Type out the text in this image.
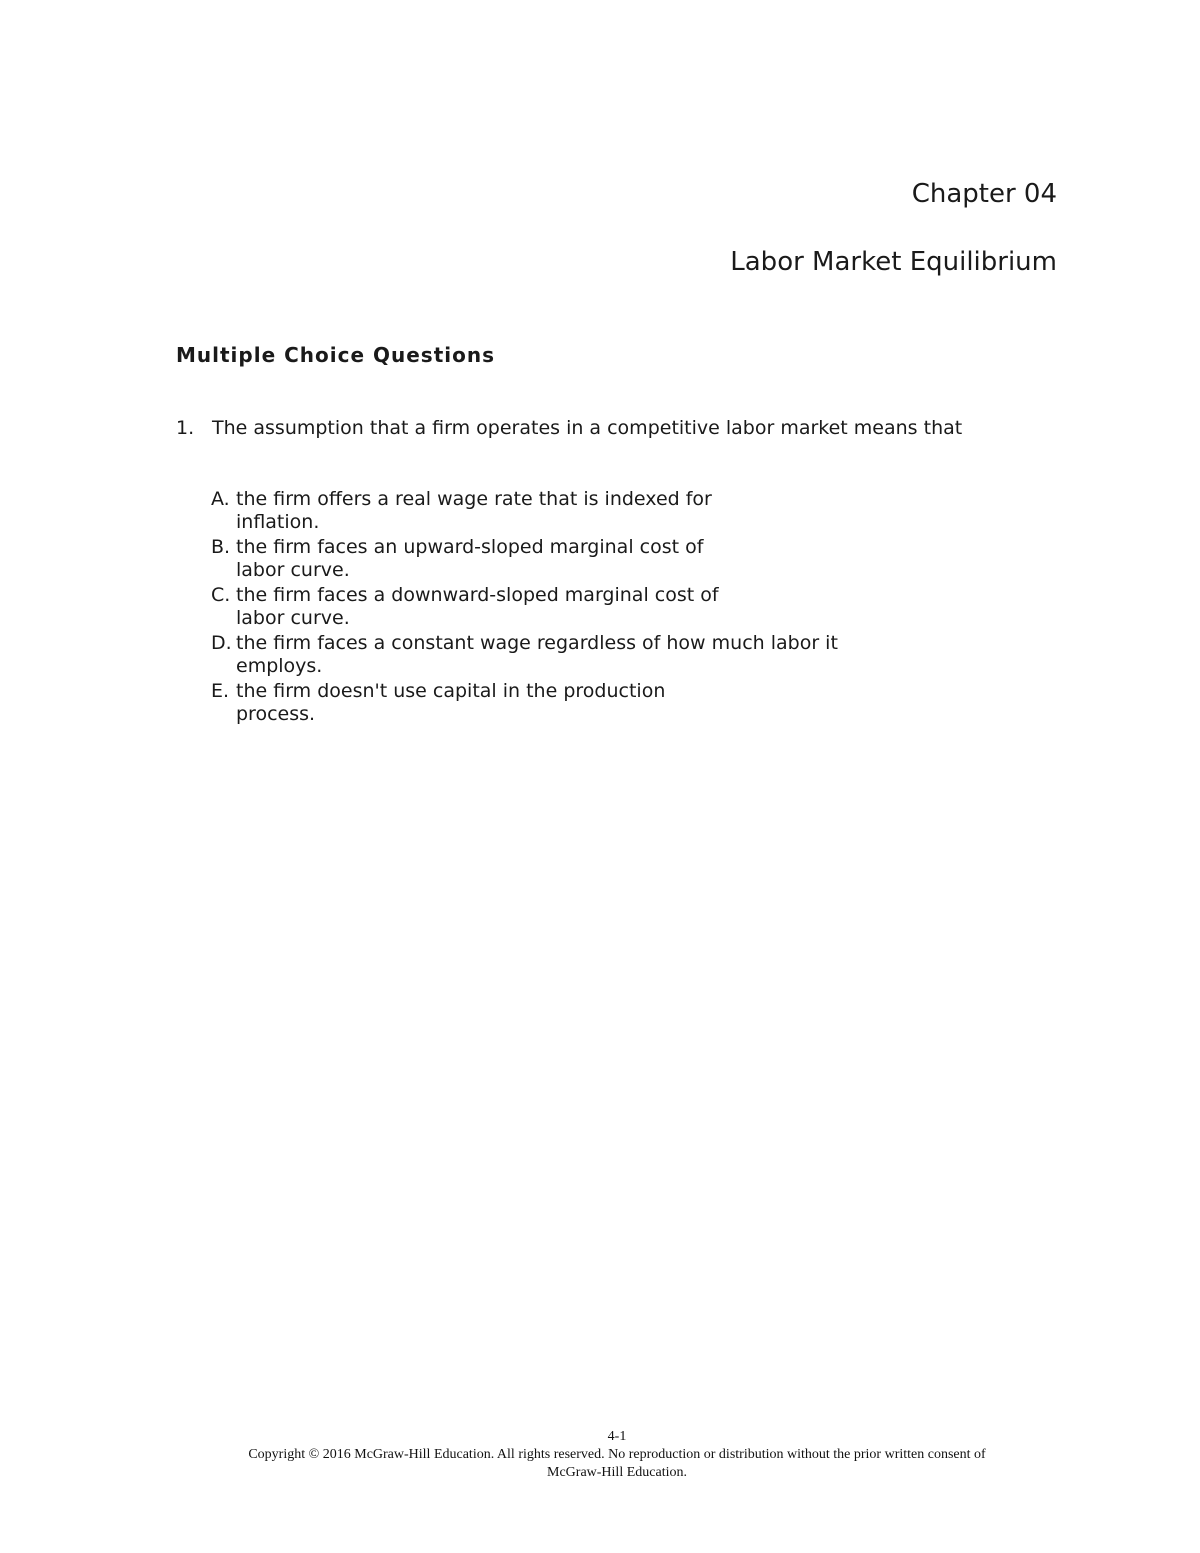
Chapter 04
Labor Market Equilibrium
Multiple Choice Questions
1. The assumption that a firm operates in a competitive labor market means that
A. the firm offers a real wage rate that is indexed for
inflation.
B. the firm faces an upward-sloped marginal cost of
labor curve.
C. the firm faces a downward-sloped marginal cost of
labor curve.
D. the firm faces a constant wage regardless of how much labor it
employs.
E. the firm doesn't use capital in the production
process.
4-1
Copyright © 2016 McGraw-Hill Education. All rights reserved. No reproduction or distribution without the prior written consent of
McGraw-Hill Education.
